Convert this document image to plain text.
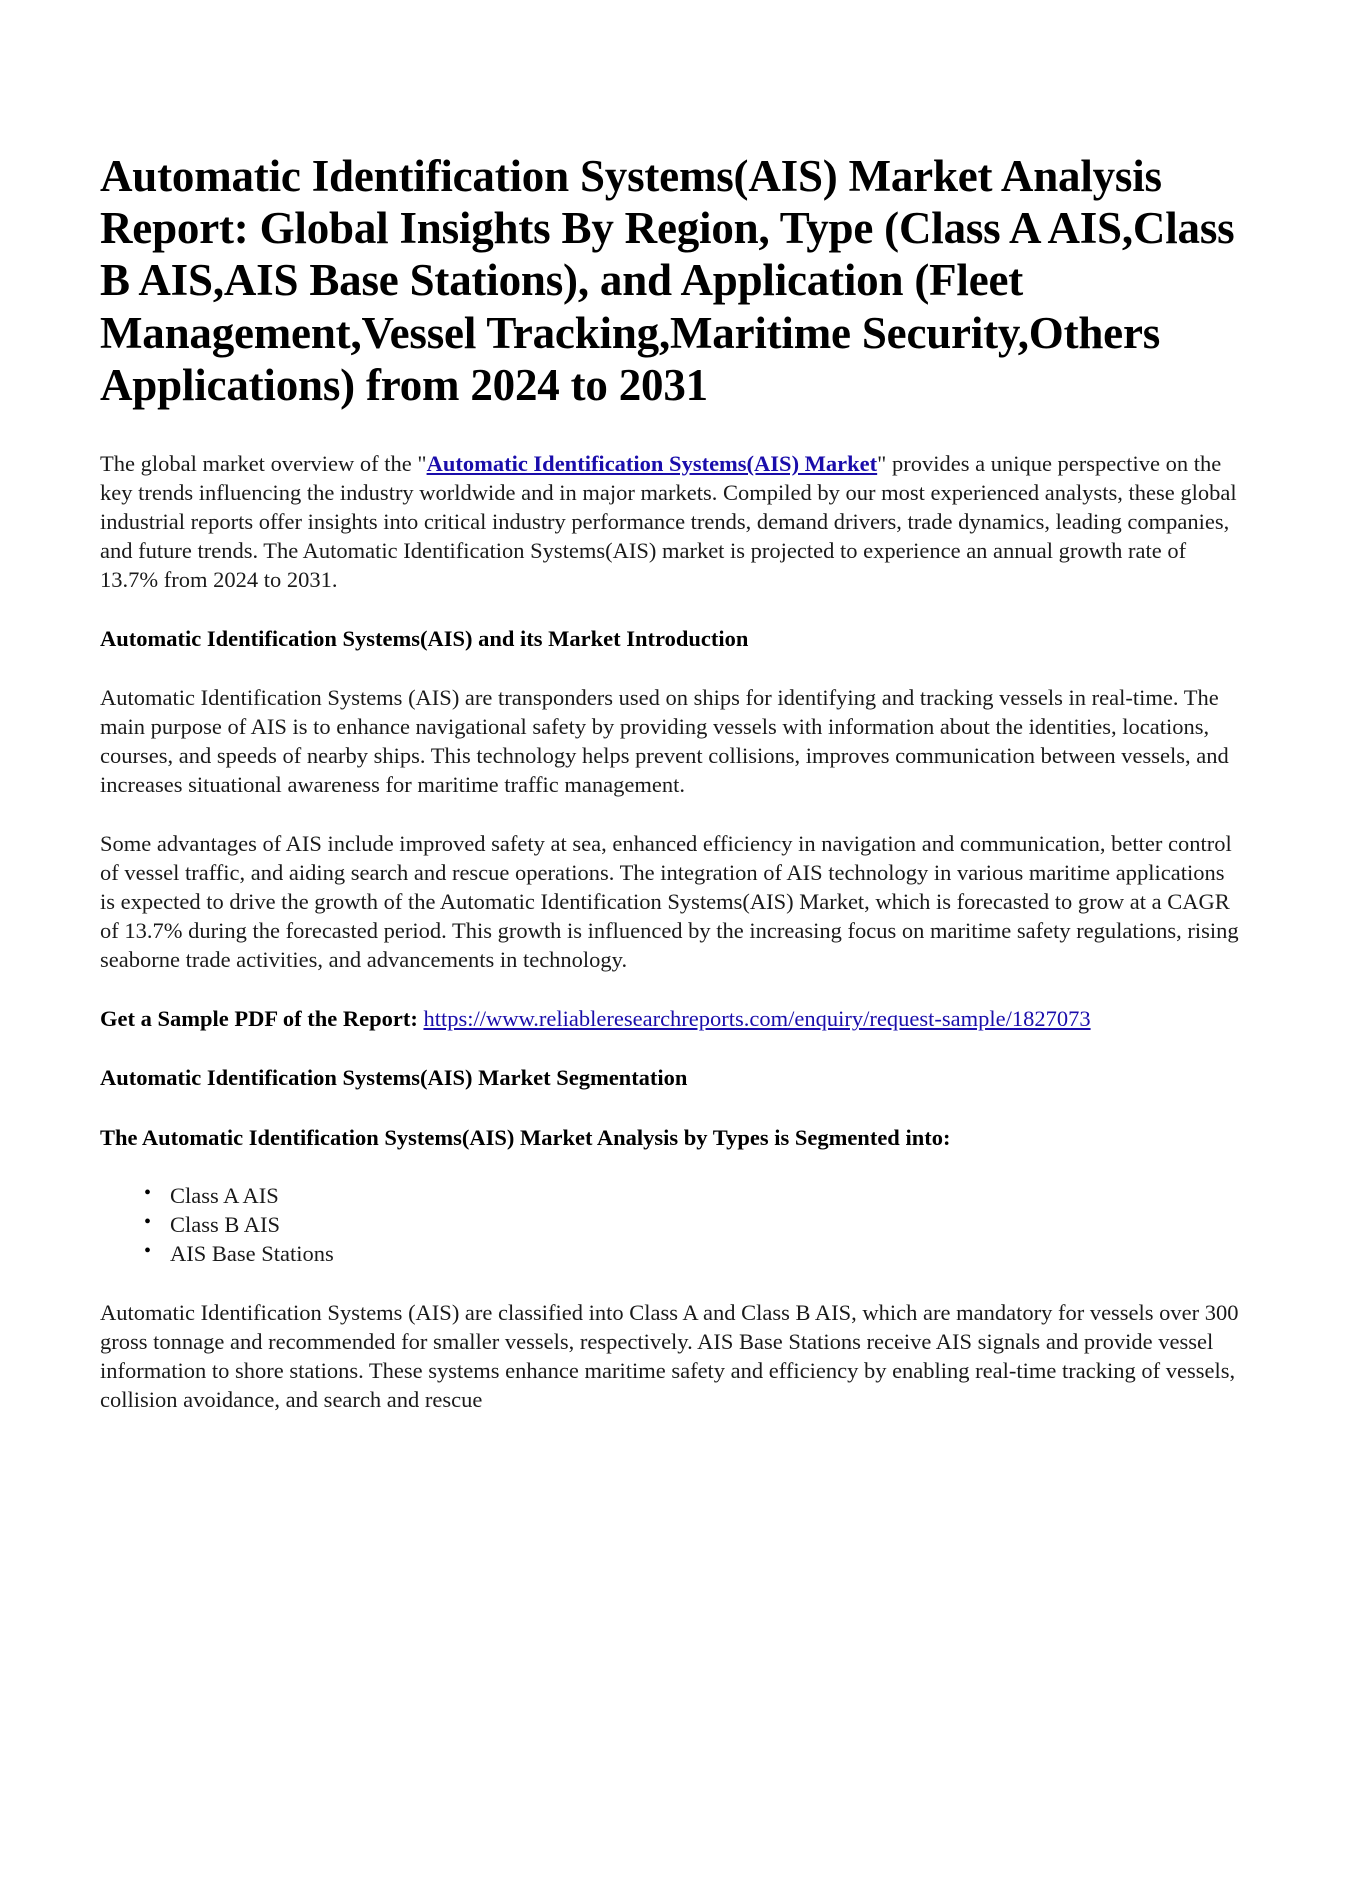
Automatic Identification Systems(AIS) Market Analysis Report: Global Insights By Region, Type (Class A AIS,Class B AIS,AIS Base Stations), and Application (Fleet Management,Vessel Tracking,Maritime Security,Others Applications) from 2024 to 2031

The global market overview of the "Automatic Identification Systems(AIS) Market" provides a unique perspective on the key trends influencing the industry worldwide and in major markets. Compiled by our most experienced analysts, these global industrial reports offer insights into critical industry performance trends, demand drivers, trade dynamics, leading companies, and future trends. The Automatic Identification Systems(AIS) market is projected to experience an annual growth rate of 13.7% from 2024 to 2031.

Automatic Identification Systems(AIS) and its Market Introduction

Automatic Identification Systems (AIS) are transponders used on ships for identifying and tracking vessels in real-time. The main purpose of AIS is to enhance navigational safety by providing vessels with information about the identities, locations, courses, and speeds of nearby ships. This technology helps prevent collisions, improves communication between vessels, and increases situational awareness for maritime traffic management.

Some advantages of AIS include improved safety at sea, enhanced efficiency in navigation and communication, better control of vessel traffic, and aiding search and rescue operations. The integration of AIS technology in various maritime applications is expected to drive the growth of the Automatic Identification Systems(AIS) Market, which is forecasted to grow at a CAGR of 13.7% during the forecasted period. This growth is influenced by the increasing focus on maritime safety regulations, rising seaborne trade activities, and advancements in technology.

Get a Sample PDF of the Report: https://www.reliableresearchreports.com/enquiry/request-sample/1827073

Automatic Identification Systems(AIS) Market Segmentation
The Automatic Identification Systems(AIS) Market Analysis by Types is Segmented into:
• Class A AIS
• Class B AIS
• AIS Base Stations

Automatic Identification Systems (AIS) are classified into Class A and Class B AIS, which are mandatory for vessels over 300 gross tonnage and recommended for smaller vessels, respectively. AIS Base Stations receive AIS signals and provide vessel information to shore stations. These systems enhance maritime safety and efficiency by enabling real-time tracking of vessels, collision avoidance, and search and rescue
